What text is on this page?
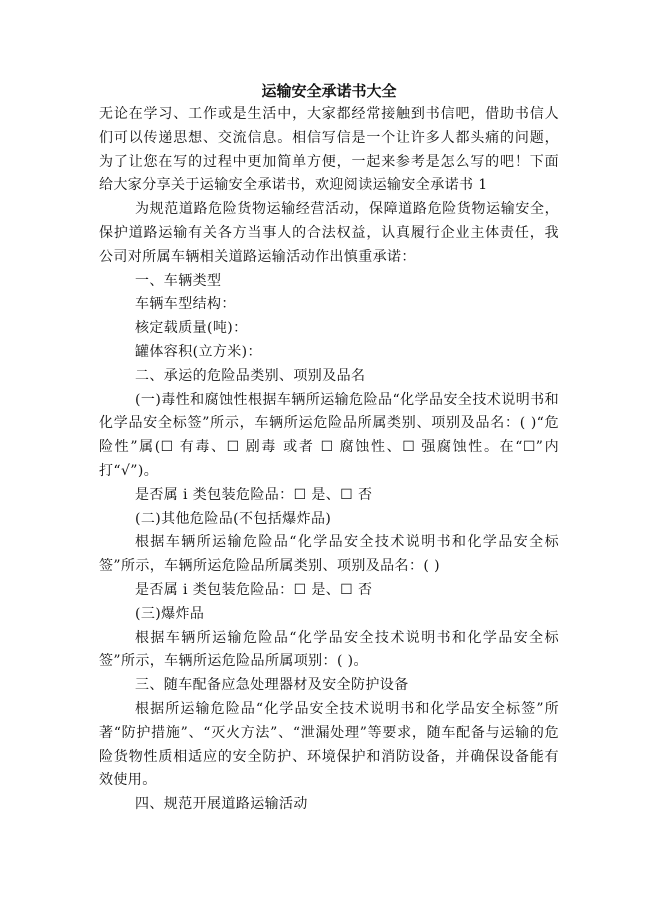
运输安全承诺书大全

无论在学习、工作或是生活中，大家都经常接触到书信吧，借助书信人们可以传递思想、交流信息。相信写信是一个让许多人都头痛的问题，为了让您在写的过程中更加简单方便，一起来参考是怎么写的吧！下面给大家分享关于运输安全承诺书，欢迎阅读运输安全承诺书 1

为规范道路危险货物运输经营活动，保障道路危险货物运输安全，保护道路运输有关各方当事人的合法权益，认真履行企业主体责任，我公司对所属车辆相关道路运输活动作出慎重承诺：

一、车辆类型

车辆车型结构：

核定载质量(吨)：

罐体容积(立方米)：

二、承运的危险品类别、项别及品名

(一)毒性和腐蚀性根据车辆所运输危险品“化学品安全技术说明书和化学品安全标签”所示，车辆所运危险品所属类别、项别及品名：( )“危险性”属(☐ 有毒、☐ 剧毒 或者 ☐ 腐蚀性、☐ 强腐蚀性。在“☐”内打“√”)。

是否属 i 类包装危险品：☐ 是、☐ 否

(二)其他危险品(不包括爆炸品)

根据车辆所运输危险品“化学品安全技术说明书和化学品安全标签”所示，车辆所运危险品所属类别、项别及品名：( )

是否属 i 类包装危险品：☐ 是、☐ 否

(三)爆炸品

根据车辆所运输危险品“化学品安全技术说明书和化学品安全标签”所示，车辆所运危险品所属项别：( )。

三、随车配备应急处理器材及安全防护设备

根据所运输危险品“化学品安全技术说明书和化学品安全标签”所著“防护措施”、“灭火方法”、“泄漏处理”等要求，随车配备与运输的危险货物性质相适应的安全防护、环境保护和消防设备，并确保设备能有效使用。

四、规范开展道路运输活动
